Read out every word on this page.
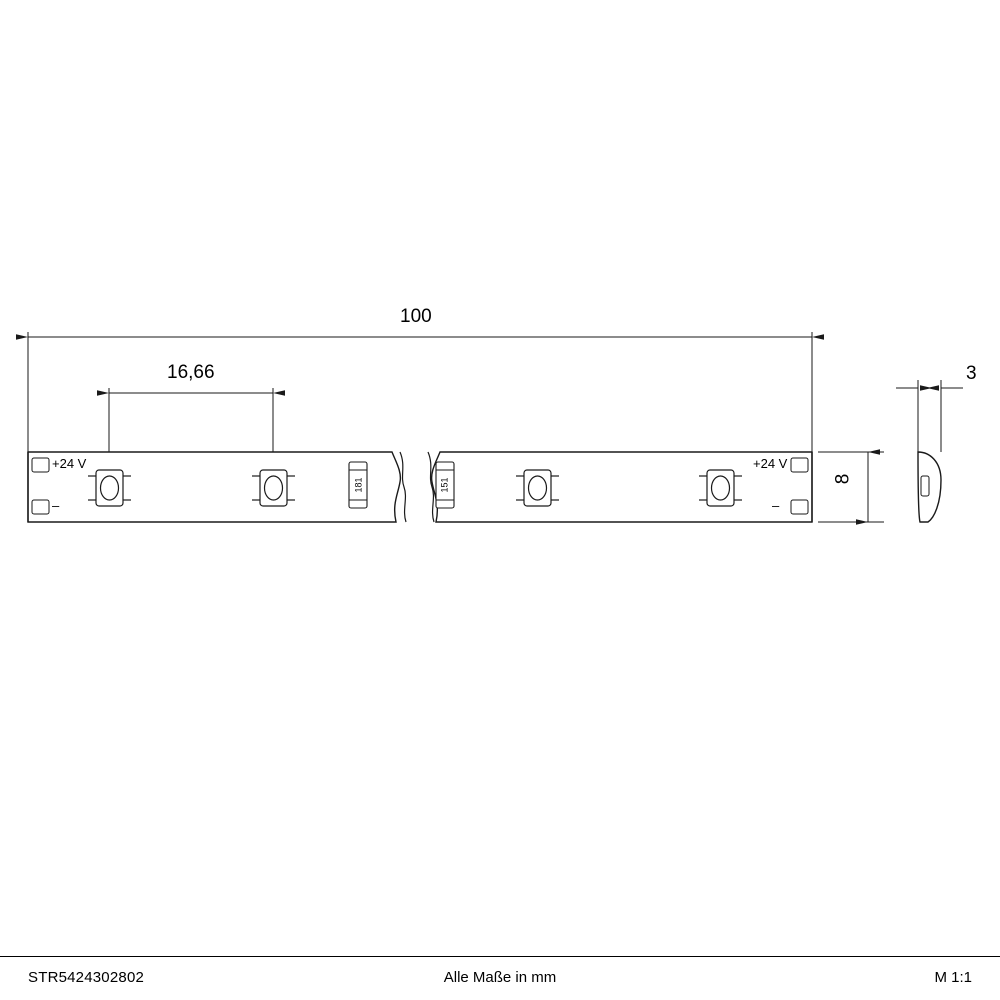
100
16,66	3
8
+24 V
–
+24 V
–
181	151
STR5424302802	Alle Maße in mm	M 1:1
